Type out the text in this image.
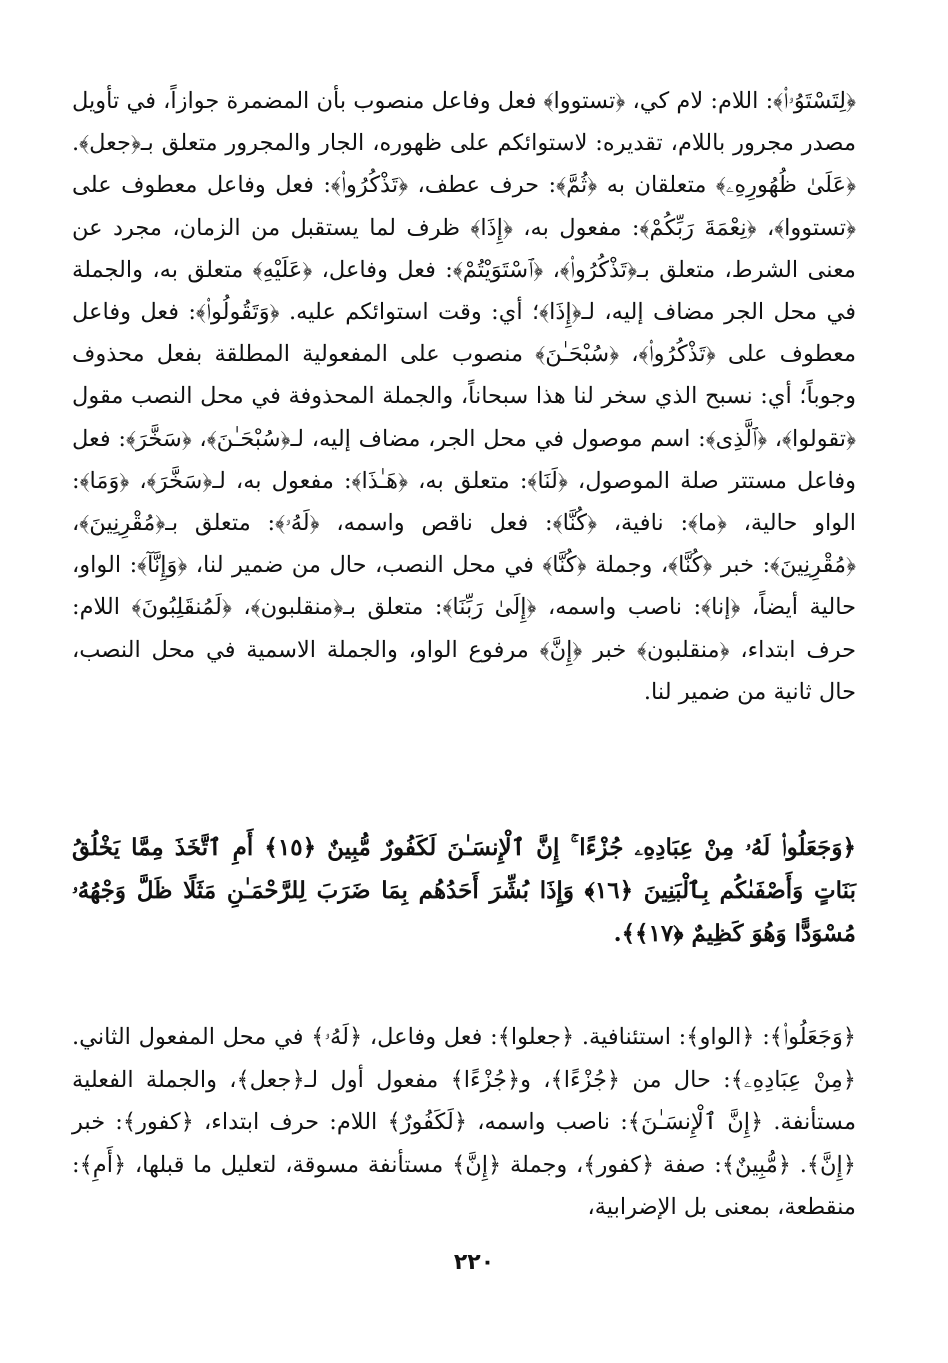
﴿لِتَسْتَوُۥا۟﴾: اللام: لام كي، ﴿تستووا﴾ فعل وفاعل منصوب بأن المضمرة جوازاً، في تأويل مصدر مجرور باللام، تقديره: لاستوائكم على ظهوره، الجار والمجرور متعلق بـ﴿جعل﴾. ﴿عَلَىٰ ظُهُورِهِۦ﴾ متعلقان به ﴿ثُمَّ﴾: حرف عطف، ﴿تَذْكُرُوا۟﴾: فعل وفاعل معطوف على ﴿تستووا﴾، ﴿نِعْمَةَ رَبِّكُمْ﴾: مفعول به، ﴿إِذَا﴾ ظرف لما يستقبل من الزمان، مجرد عن معنى الشرط، متعلق بـ﴿تَذْكُرُوا۟﴾، ﴿ٱسْتَوَيْتُمْ﴾: فعل وفاعل، ﴿عَلَيْهِ﴾ متعلق به، والجملة في محل الجر مضاف إليه، لـ﴿إِذَا﴾؛ أي: وقت استوائكم عليه. ﴿وَتَقُولُوا۟﴾: فعل وفاعل معطوف على ﴿تَذْكُرُوا۟﴾، ﴿سُبْحَـٰنَ﴾ منصوب على المفعولية المطلقة بفعل محذوف وجوباً؛ أي: نسبح الذي سخر لنا هذا سبحاناً، والجملة المحذوفة في محل النصب مقول ﴿تقولوا﴾، ﴿ٱلَّذِى﴾: اسم موصول في محل الجر، مضاف إليه، لـ﴿سُبْحَـٰنَ﴾، ﴿سَخَّرَ﴾: فعل وفاعل مستتر صلة الموصول، ﴿لَنَا﴾: متعلق به، ﴿هَـٰذَا﴾: مفعول به، لـ﴿سَخَّرَ﴾، ﴿وَمَا﴾: الواو حالية، ﴿ما﴾: نافية، ﴿كُنَّا﴾: فعل ناقص واسمه، ﴿لَهُۥ﴾: متعلق بـ﴿مُقْرِنِينَ﴾، ﴿مُقْرِنِينَ﴾: خبر ﴿كُنَّا﴾، وجملة ﴿كُنَّا﴾ في محل النصب، حال من ضمير لنا، ﴿وَإِنَّآ﴾: الواو، حالية أيضاً، ﴿إنا﴾: ناصب واسمه، ﴿إِلَىٰ رَبِّنَا﴾: متعلق بـ﴿منقلبون﴾، ﴿لَمُنقَلِبُونَ﴾ اللام: حرف ابتداء، ﴿منقلبون﴾ خبر ﴿إِنَّ﴾ مرفوع الواو، والجملة الاسمية في محل النصب، حال ثانية من ضمير لنا.

﴿وَجَعَلُوا۟ لَهُۥ مِنْ عِبَادِهِۦ جُزْءًا ۚ إِنَّ ٱلْإِنسَـٰنَ لَكَفُورٌ مُّبِينٌ ﴿١٥﴾ أَمِ ٱتَّخَذَ مِمَّا يَخْلُقُ بَنَاتٍ وَأَصْفَىٰكُم بِٱلْبَنِينَ ﴿١٦﴾ وَإِذَا بُشِّرَ أَحَدُهُم بِمَا ضَرَبَ لِلرَّحْمَـٰنِ مَثَلًا ظَلَّ وَجْهُهُۥ مُسْوَدًّا وَهُوَ كَظِيمٌ ﴿١٧﴾﴾.

﴿وَجَعَلُوا۟﴾: ﴿الواو﴾: استئنافية. ﴿جعلوا﴾: فعل وفاعل، ﴿لَهُۥ﴾ في محل المفعول الثاني. ﴿مِنْ عِبَادِهِۦ﴾: حال من ﴿جُزْءًا﴾، و﴿جُزْءًا﴾ مفعول أول لـ﴿جعل﴾، والجملة الفعلية مستأنفة. ﴿إِنَّ ٱلْإِنسَـٰنَ﴾: ناصب واسمه، ﴿لَكَفُورٌ﴾ اللام: حرف ابتداء، ﴿كفور﴾: خبر ﴿إِنَّ﴾. ﴿مُّبِينٌ﴾: صفة ﴿كفور﴾، وجملة ﴿إِنَّ﴾ مستأنفة مسوقة، لتعليل ما قبلها، ﴿أَمِ﴾: منقطعة، بمعنى بل الإضرابية،

٢٢٠
